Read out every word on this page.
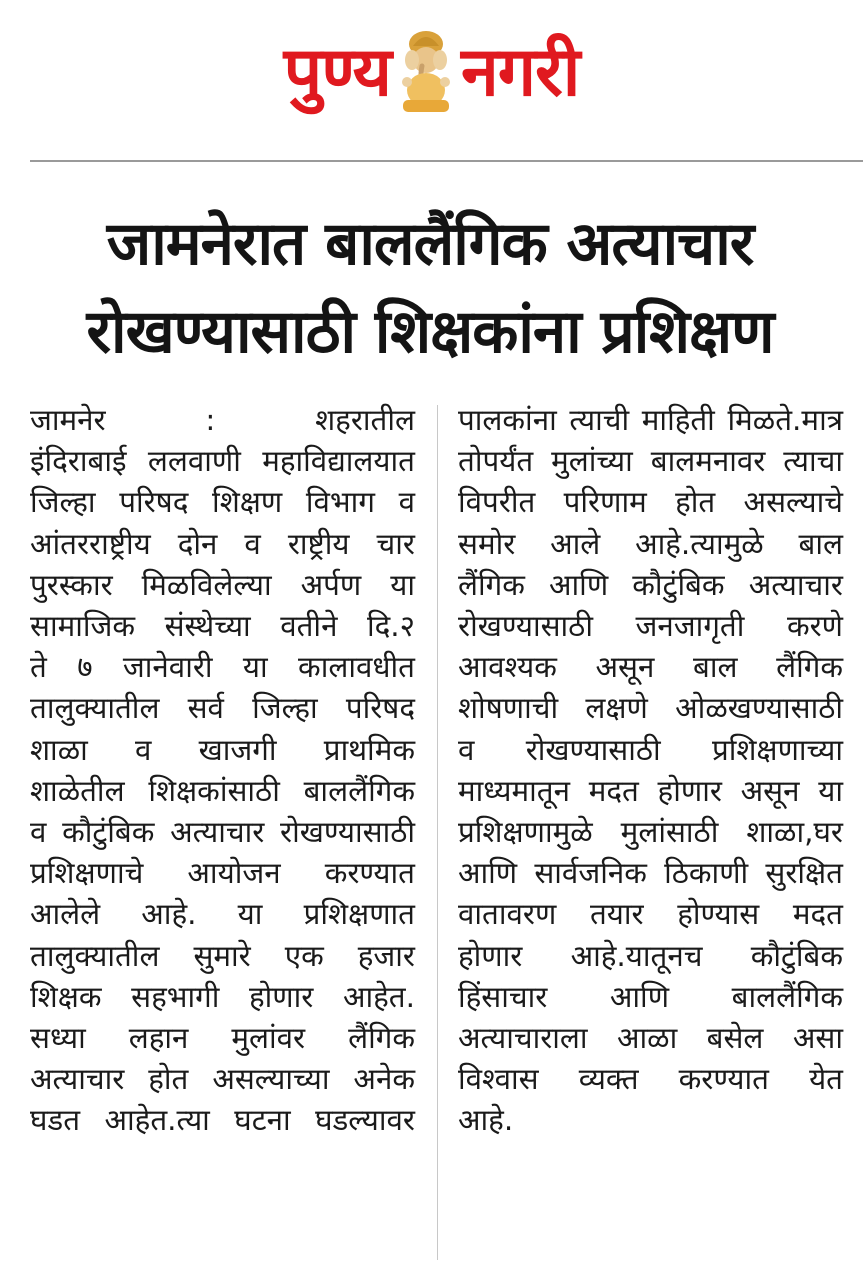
पुण्य नगरी
जामनेरात बाललैंगिक अत्याचार
रोखण्यासाठी शिक्षकांना प्रशिक्षण
जामनेर : शहरातील
इंदिराबाई ललवाणी महाविद्यालयात
जिल्हा परिषद शिक्षण विभाग व
आंतरराष्ट्रीय दोन व राष्ट्रीय चार
पुरस्कार मिळविलेल्या अर्पण या
सामाजिक संस्थेच्या वतीने दि.२
ते ७ जानेवारी या कालावधीत
तालुक्यातील सर्व जिल्हा परिषद
शाळा व खाजगी प्राथमिक
शाळेतील शिक्षकांसाठी बाललैंगिक
व कौटुंबिक अत्याचार रोखण्यासाठी
प्रशिक्षणाचे आयोजन करण्यात
आलेले आहे. या प्रशिक्षणात
तालुक्यातील सुमारे एक हजार
शिक्षक सहभागी होणार आहेत.
सध्या लहान मुलांवर लैंगिक
अत्याचार होत असल्याच्या अनेक
घडत आहेत.त्या घटना घडल्यावर
पालकांना त्याची माहिती मिळते.मात्र
तोपर्यंत मुलांच्या बालमनावर त्याचा
विपरीत परिणाम होत असल्याचे
समोर आले आहे.त्यामुळे बाल
लैंगिक आणि कौटुंबिक अत्याचार
रोखण्यासाठी जनजागृती करणे
आवश्यक असून बाल लैंगिक
शोषणाची लक्षणे ओळखण्यासाठी
व रोखण्यासाठी प्रशिक्षणाच्या
माध्यमातून मदत होणार असून या
प्रशिक्षणामुळे मुलांसाठी शाळा,घर
आणि सार्वजनिक ठिकाणी सुरक्षित
वातावरण तयार होण्यास मदत
होणार आहे.यातूनच कौटुंबिक
हिंसाचार आणि बाललैंगिक
अत्याचाराला आळा बसेल असा
विश्वास व्यक्त करण्यात येत
आहे.
